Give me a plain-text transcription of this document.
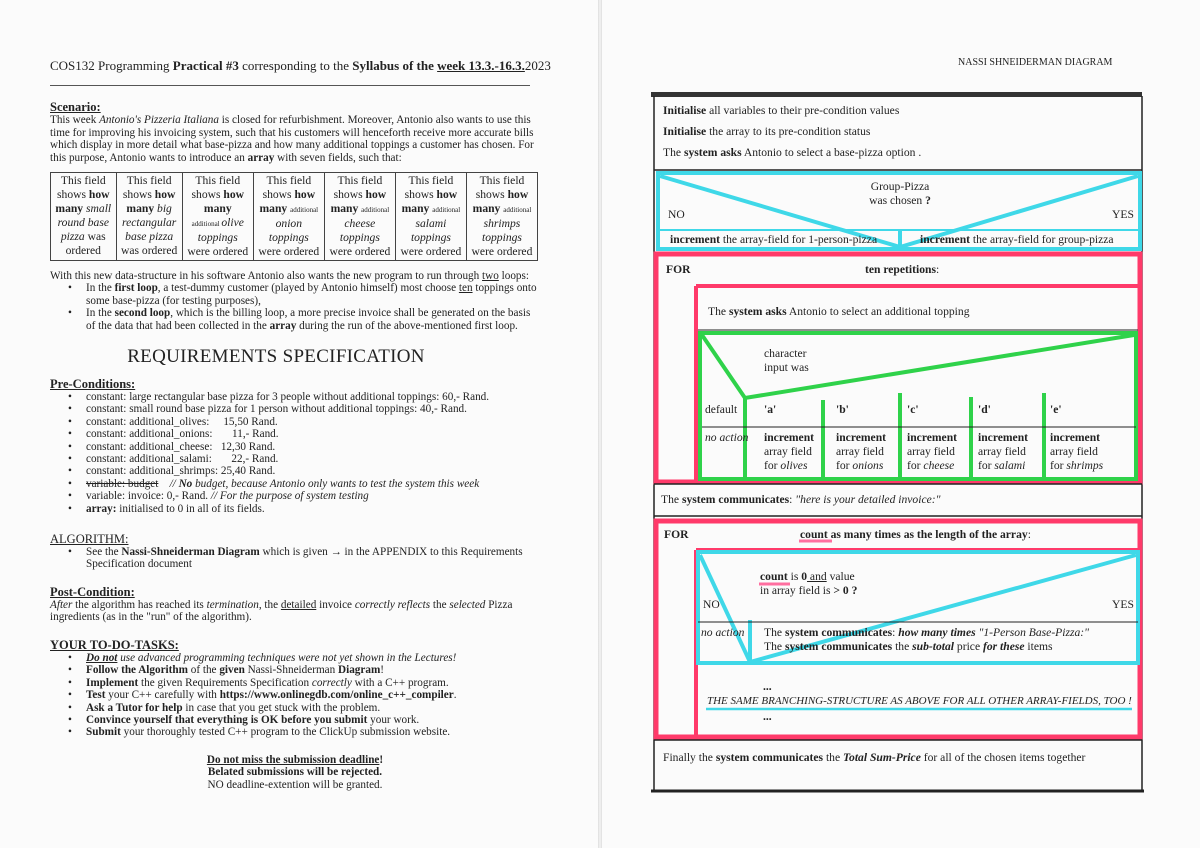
COS132 Programming Practical #3 corresponding to the Syllabus of the week 13.3.-16.3.2023

Scenario:

This week Antonio's Pizzeria Italiana is closed for refurbishment. Moreover, Antonio also wants to use this time for improving his invoicing system, such that his customers will henceforth receive more accurate bills which display in more detail what base-pizza and how many additional toppings a customer has chosen. For this purpose, Antonio wants to introduce an array with seven fields, such that:

This field
shows how
many small
round base
pizza was
ordered	This field
shows how
many big
rectangular
base pizza
was ordered	This field
shows how
many
additional olive
toppings
were ordered	This field
shows how
many additional
onion
toppings
were ordered	This field
shows how
many additional
cheese
toppings
were ordered	This field
shows how
many additional
salami
toppings
were ordered	This field
shows how
many additional
shrimps
toppings
were ordered

With this new data-structure in his software Antonio also wants the new program to run through two loops:

• In the first loop, a test-dummy customer (played by Antonio himself) most choose ten toppings onto some base-pizza (for testing purposes),
• In the second loop, which is the billing loop, a more precise invoice shall be generated on the basis of the data that had been collected in the array during the run of the above-mentioned first loop.
REQUIREMENTS SPECIFICATION

Pre-Conditions:

• constant: large rectangular base pizza for 3 people without additional toppings: 60,- Rand.
• constant: small round base pizza for 1 person without additional toppings: 40,- Rand.
• constant: additional_olives:     15,50 Rand.
• constant: additional_onions:       11,- Rand.
• constant: additional_cheese:   12,30 Rand.
• constant: additional_salami:       22,- Rand.
• constant: additional_shrimps: 25,40 Rand.
• variable: budget    // No budget, because Antonio only wants to test the system this week
• variable: invoice: 0,- Rand. // For the purpose of system testing
• array: initialised to 0 in all of its fields.

ALGORITHM:

• See the Nassi-Shneiderman Diagram which is given → in the APPENDIX to this Requirements Specification document

Post-Condition:

After the algorithm has reached its termination, the detailed invoice correctly reflects the selected Pizza ingredients (as in the "run" of the algorithm).

YOUR TO-DO-TASKS:

• Do not use advanced programming techniques were not yet shown in the Lectures!
• Follow the Algorithm of the given Nassi-Shneiderman Diagram!
• Implement the given Requirements Specification correctly with a C++ program.
• Test your C++ carefully with https://www.onlinegdb.com/online_c++_compiler.
• Ask a Tutor for help in case that you get stuck with the problem.
• Convince yourself that everything is OK before you submit your work.
• Submit your thoroughly tested C++ program to the ClickUp submission website.

Do not miss the submission deadline!

Belated submissions will be rejected.

NO deadline-extention will be granted.

NASSI SHNEIDERMAN DIAGRAM
Initialise all variables to their pre-condition values
Initialise the array to its pre-condition status
The system asks Antonio to select a base-pizza option .
Group-Pizza
was chosen ?
NO	YES
increment the array-field for 1-person-pizza	increment the array-field for group-pizza
FOR	ten repetitions:
The system asks Antonio to select an additional topping
character
input was
default
no action
'a'	'b'	'c'	'd'	'e'
increment
array field
for olives
increment
array field
for onions
increment
array field
for cheese
increment
array field
for salami
increment
array field
for shrimps
The system communicates: "here is your detailed invoice:"
FOR	count as many times as the length of the array:
count is 0 and value
in array field is > 0 ?
NO	YES
no action The system communicates: how many times "1-Person Base-Pizza:"
The system communicates the sub-total price for these items
...
THE SAME BRANCHING-STRUCTURE AS ABOVE FOR ALL OTHER ARRAY-FIELDS, TOO !
...
Finally the system communicates the Total Sum-Price for all of the chosen items together
